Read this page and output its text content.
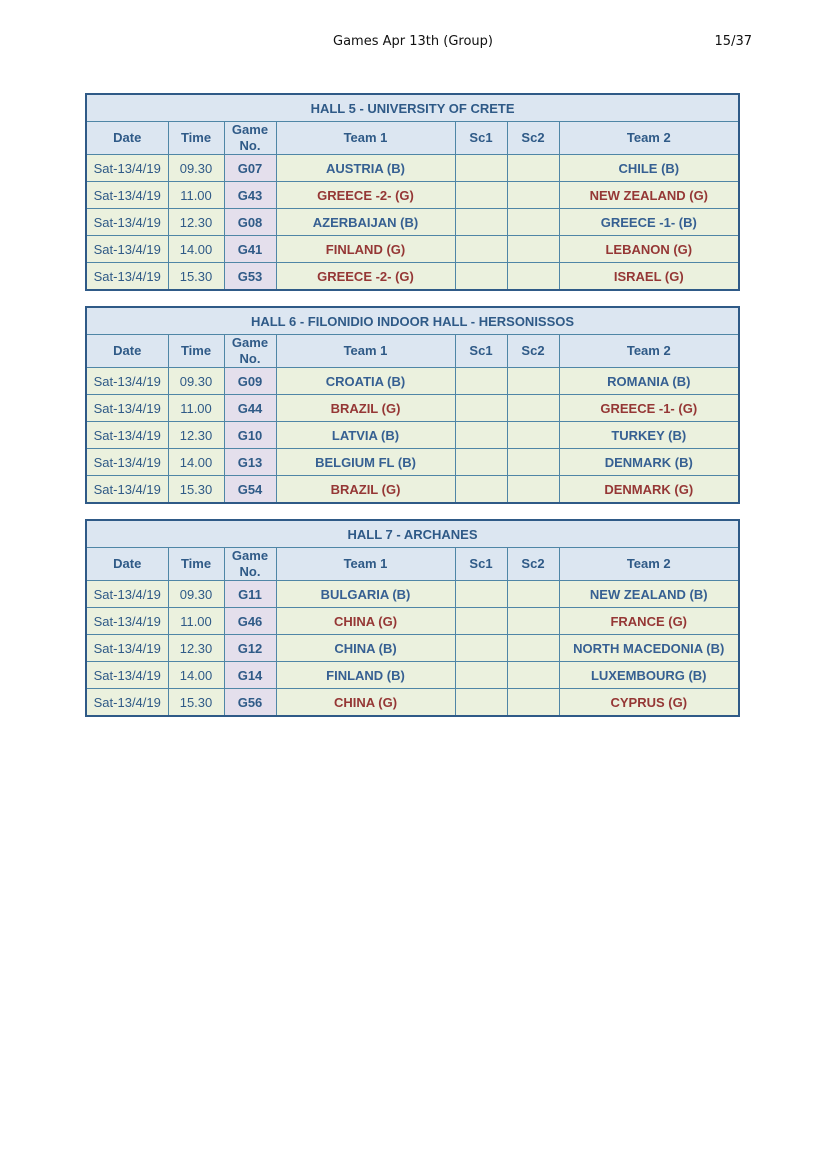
Games Apr 13th (Group)	15/37
HALL 5 - UNIVERSITY OF CRETE						
Date	Time	Game No.	Team 1	Sc1	Sc2	Team 2
Sat-13/4/19	09.30	G07	AUSTRIA (B)			CHILE (B)
Sat-13/4/19	11.00	G43	GREECE -2- (G)			NEW ZEALAND (G)
Sat-13/4/19	12.30	G08	AZERBAIJAN (B)			GREECE -1- (B)
Sat-13/4/19	14.00	G41	FINLAND (G)			LEBANON (G)
Sat-13/4/19	15.30	G53	GREECE -2- (G)			ISRAEL (G)
HALL 6 - FILONIDIO INDOOR HALL - HERSONISSOS						
Date	Time	Game No.	Team 1	Sc1	Sc2	Team 2
Sat-13/4/19	09.30	G09	CROATIA (B)			ROMANIA (B)
Sat-13/4/19	11.00	G44	BRAZIL (G)			GREECE -1- (G)
Sat-13/4/19	12.30	G10	LATVIA (B)			TURKEY (B)
Sat-13/4/19	14.00	G13	BELGIUM FL (B)			DENMARK (B)
Sat-13/4/19	15.30	G54	BRAZIL (G)			DENMARK (G)
HALL 7 - ARCHANES						
Date	Time	Game No.	Team 1	Sc1	Sc2	Team 2
Sat-13/4/19	09.30	G11	BULGARIA (B)			NEW ZEALAND (B)
Sat-13/4/19	11.00	G46	CHINA (G)			FRANCE (G)
Sat-13/4/19	12.30	G12	CHINA (B)			NORTH MACEDONIA (B)
Sat-13/4/19	14.00	G14	FINLAND (B)			LUXEMBOURG (B)
Sat-13/4/19	15.30	G56	CHINA (G)			CYPRUS (G)
